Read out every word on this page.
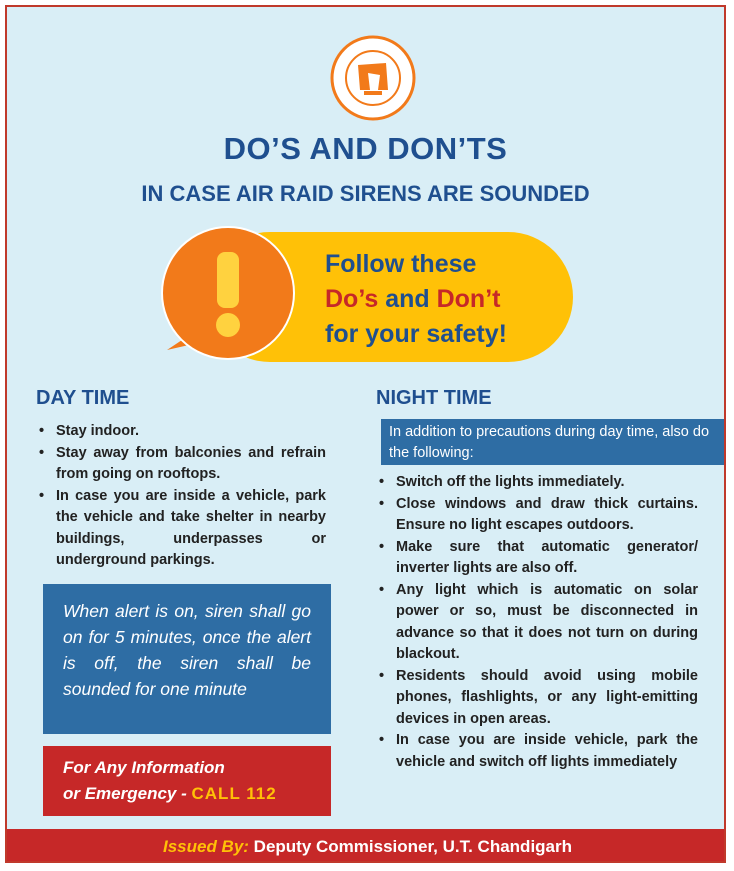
DO’S AND DON’TS
IN CASE AIR RAID SIRENS ARE SOUNDED
Follow these
Do’s and Don’t
for your safety!
DAY TIME
• Stay indoor.
• Stay away from balconies and refrain from going on rooftops.
• In case you are inside a vehicle, park the vehicle and take shelter in nearby buildings, underpasses or underground parkings.
When alert is on, siren shall go on for 5 minutes, once the alert is off, the siren shall be sounded for one minute
For Any Information
or Emergency - CALL 112
NIGHT TIME
In addition to precautions during day time, also do the following:
• Switch off the lights immediately.
• Close windows and draw thick curtains. Ensure no light escapes outdoors.
• Make sure that automatic generator/ inverter lights are also off.
• Any light which is automatic on solar power or so, must be disconnected in advance so that it does not turn on during blackout.
• Residents should avoid using mobile phones, flashlights, or any light-emitting devices in open areas.
• In case you are inside vehicle, park the vehicle and switch off lights immediately
Issued By: Deputy Commissioner, U.T. Chandigarh
